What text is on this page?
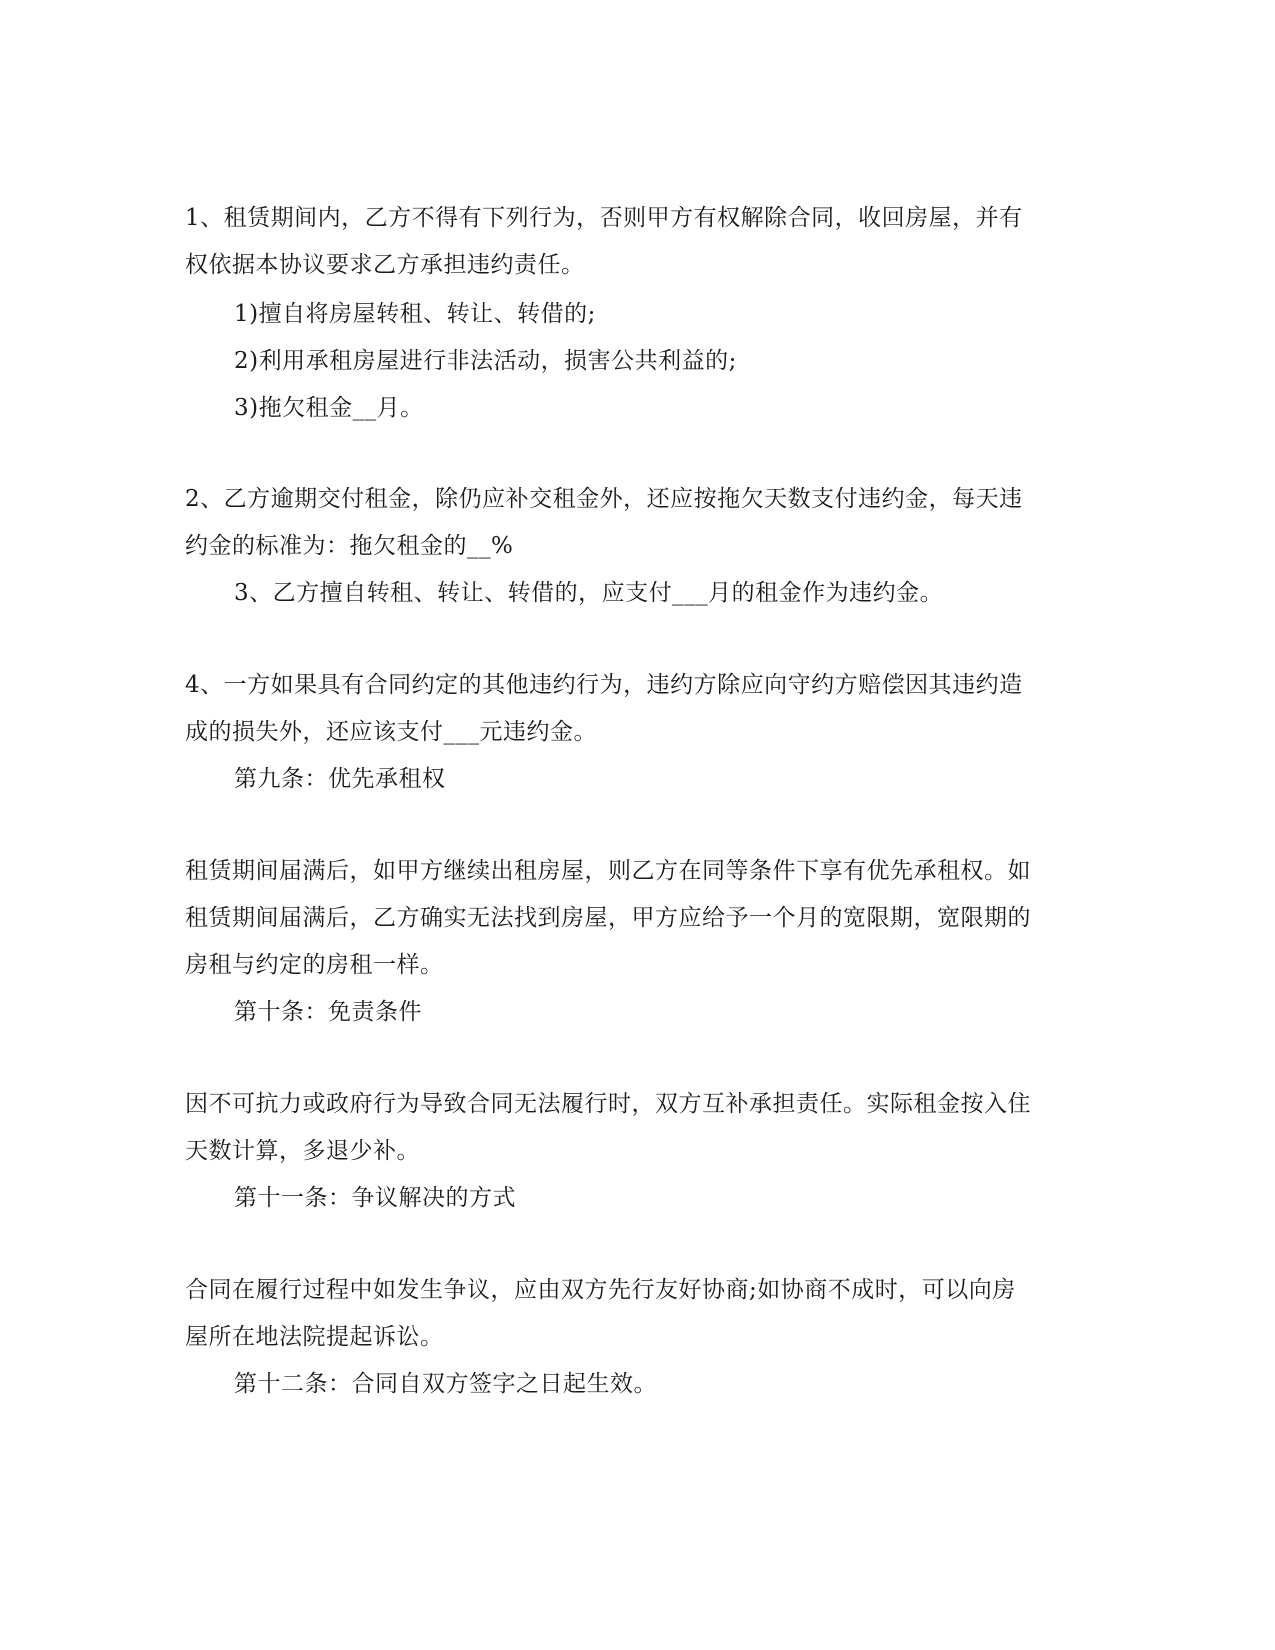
1、租赁期间内，乙方不得有下列行为，否则甲方有权解除合同，收回房屋，并有
权依据本协议要求乙方承担违约责任。
1)擅自将房屋转租、转让、转借的;
2)利用承租房屋进行非法活动，损害公共利益的;
3)拖欠租金__月。
2、乙方逾期交付租金，除仍应补交租金外，还应按拖欠天数支付违约金，每天违
约金的标准为：拖欠租金的__%
3、乙方擅自转租、转让、转借的，应支付___月的租金作为违约金。
4、一方如果具有合同约定的其他违约行为，违约方除应向守约方赔偿因其违约造
成的损失外，还应该支付___元违约金。
第九条：优先承租权
租赁期间届满后，如甲方继续出租房屋，则乙方在同等条件下享有优先承租权。如
租赁期间届满后，乙方确实无法找到房屋，甲方应给予一个月的宽限期，宽限期的
房租与约定的房租一样。
第十条：免责条件
因不可抗力或政府行为导致合同无法履行时，双方互补承担责任。实际租金按入住
天数计算，多退少补。
第十一条：争议解决的方式
合同在履行过程中如发生争议，应由双方先行友好协商;如协商不成时，可以向房
屋所在地法院提起诉讼。
第十二条：合同自双方签字之日起生效。
